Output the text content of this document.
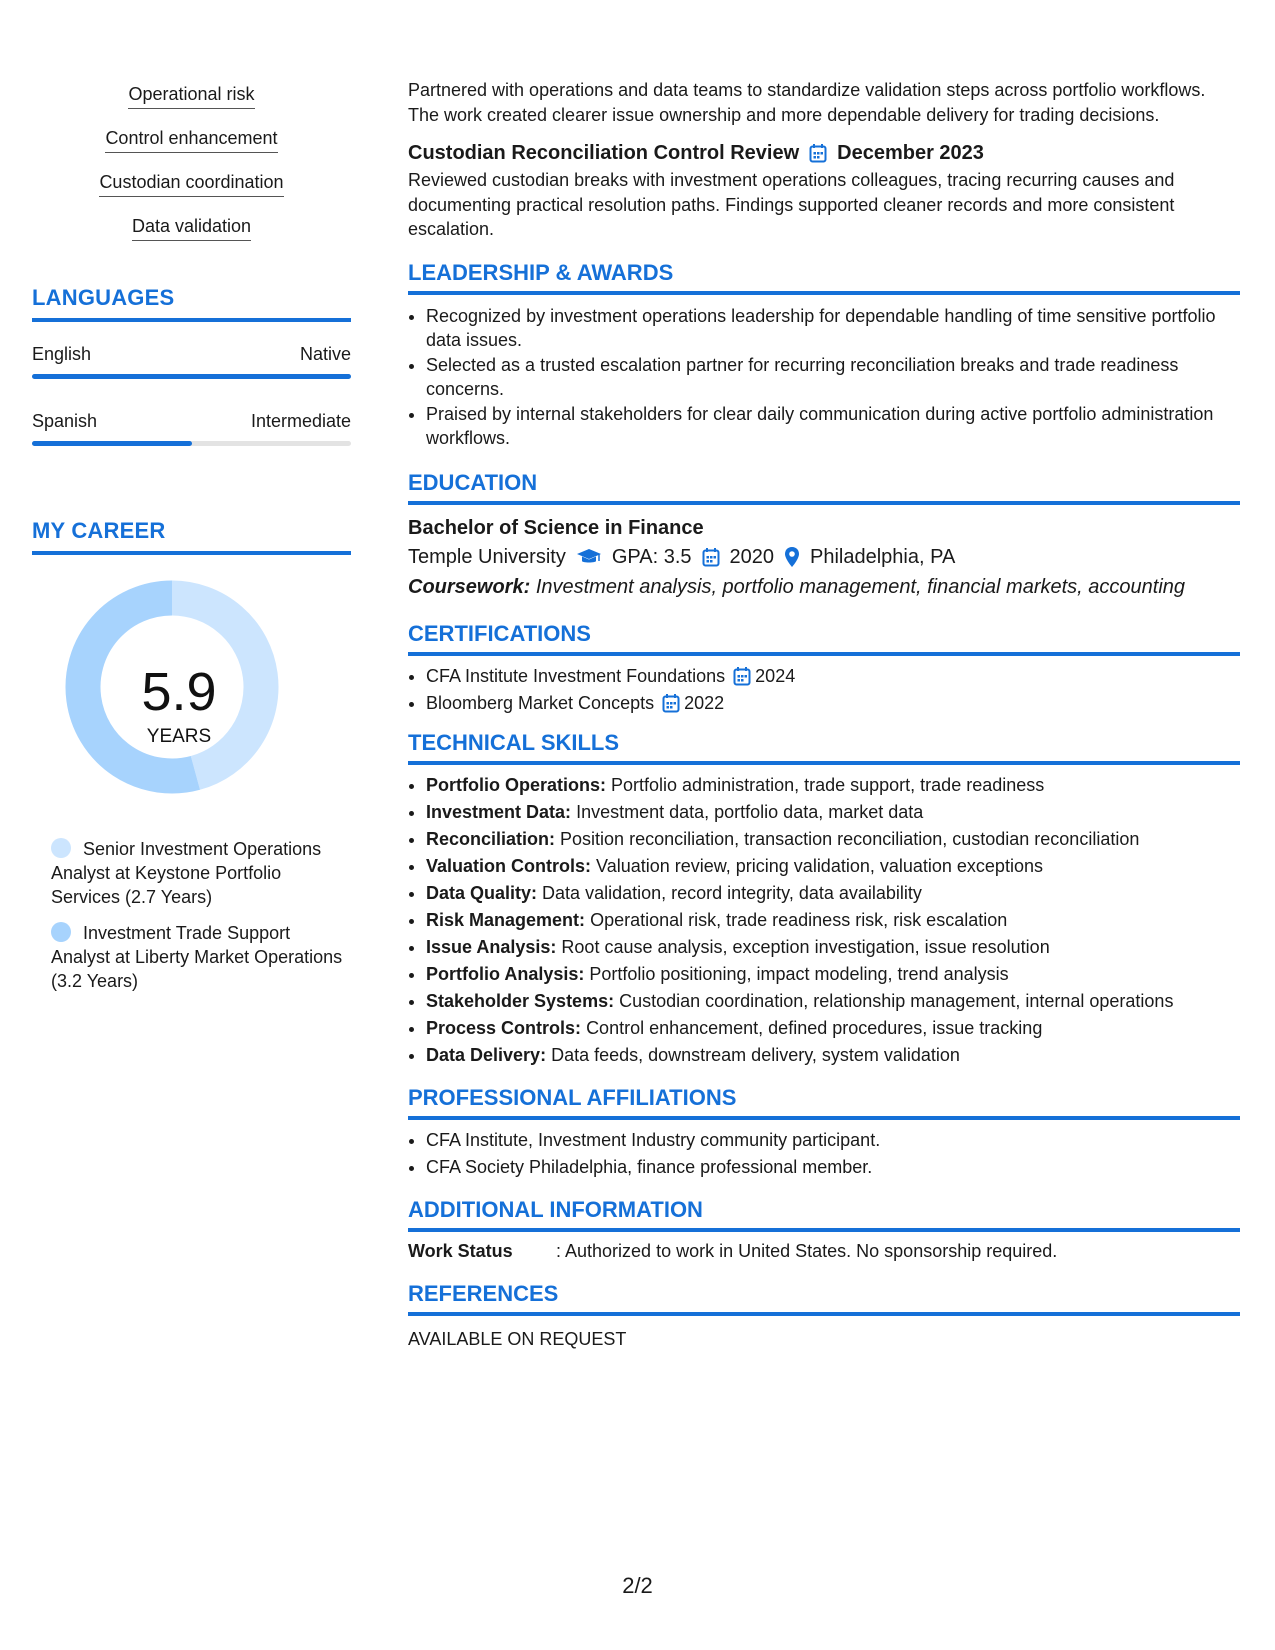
Operational risk
Control enhancement
Custodian coordination
Data validation
LANGUAGES
English	Native
Spanish	Intermediate
MY CAREER
5.9
YEARS
Senior Investment Operations Analyst at Keystone Portfolio Services (2.7 Years)
Investment Trade Support Analyst at Liberty Market Operations (3.2 Years)
Partnered with operations and data teams to standardize validation steps across portfolio workflows. The work created clearer issue ownership and more dependable delivery for trading decisions.
Custodian Reconciliation Control Review December 2023
Reviewed custodian breaks with investment operations colleagues, tracing recurring causes and documenting practical resolution paths. Findings supported cleaner records and more consistent escalation.
LEADERSHIP & AWARDS
• Recognized by investment operations leadership for dependable handling of time sensitive portfolio data issues.
• Selected as a trusted escalation partner for recurring reconciliation breaks and trade readiness concerns.
• Praised by internal stakeholders for clear daily communication during active portfolio administration workflows.
EDUCATION
Bachelor of Science in Finance
Temple University GPA: 3.5 2020 Philadelphia, PA
Coursework: Investment analysis, portfolio management, financial markets, accounting
CERTIFICATIONS
• CFA Institute Investment Foundations 2024
• Bloomberg Market Concepts 2022
TECHNICAL SKILLS
• Portfolio Operations: Portfolio administration, trade support, trade readiness
• Investment Data: Investment data, portfolio data, market data
• Reconciliation: Position reconciliation, transaction reconciliation, custodian reconciliation
• Valuation Controls: Valuation review, pricing validation, valuation exceptions
• Data Quality: Data validation, record integrity, data availability
• Risk Management: Operational risk, trade readiness risk, risk escalation
• Issue Analysis: Root cause analysis, exception investigation, issue resolution
• Portfolio Analysis: Portfolio positioning, impact modeling, trend analysis
• Stakeholder Systems: Custodian coordination, relationship management, internal operations
• Process Controls: Control enhancement, defined procedures, issue tracking
• Data Delivery: Data feeds, downstream delivery, system validation
PROFESSIONAL AFFILIATIONS
• CFA Institute, Investment Industry community participant.
• CFA Society Philadelphia, finance professional member.
ADDITIONAL INFORMATION
Work Status	: Authorized to work in United States. No sponsorship required.
REFERENCES
AVAILABLE ON REQUEST
2/2
